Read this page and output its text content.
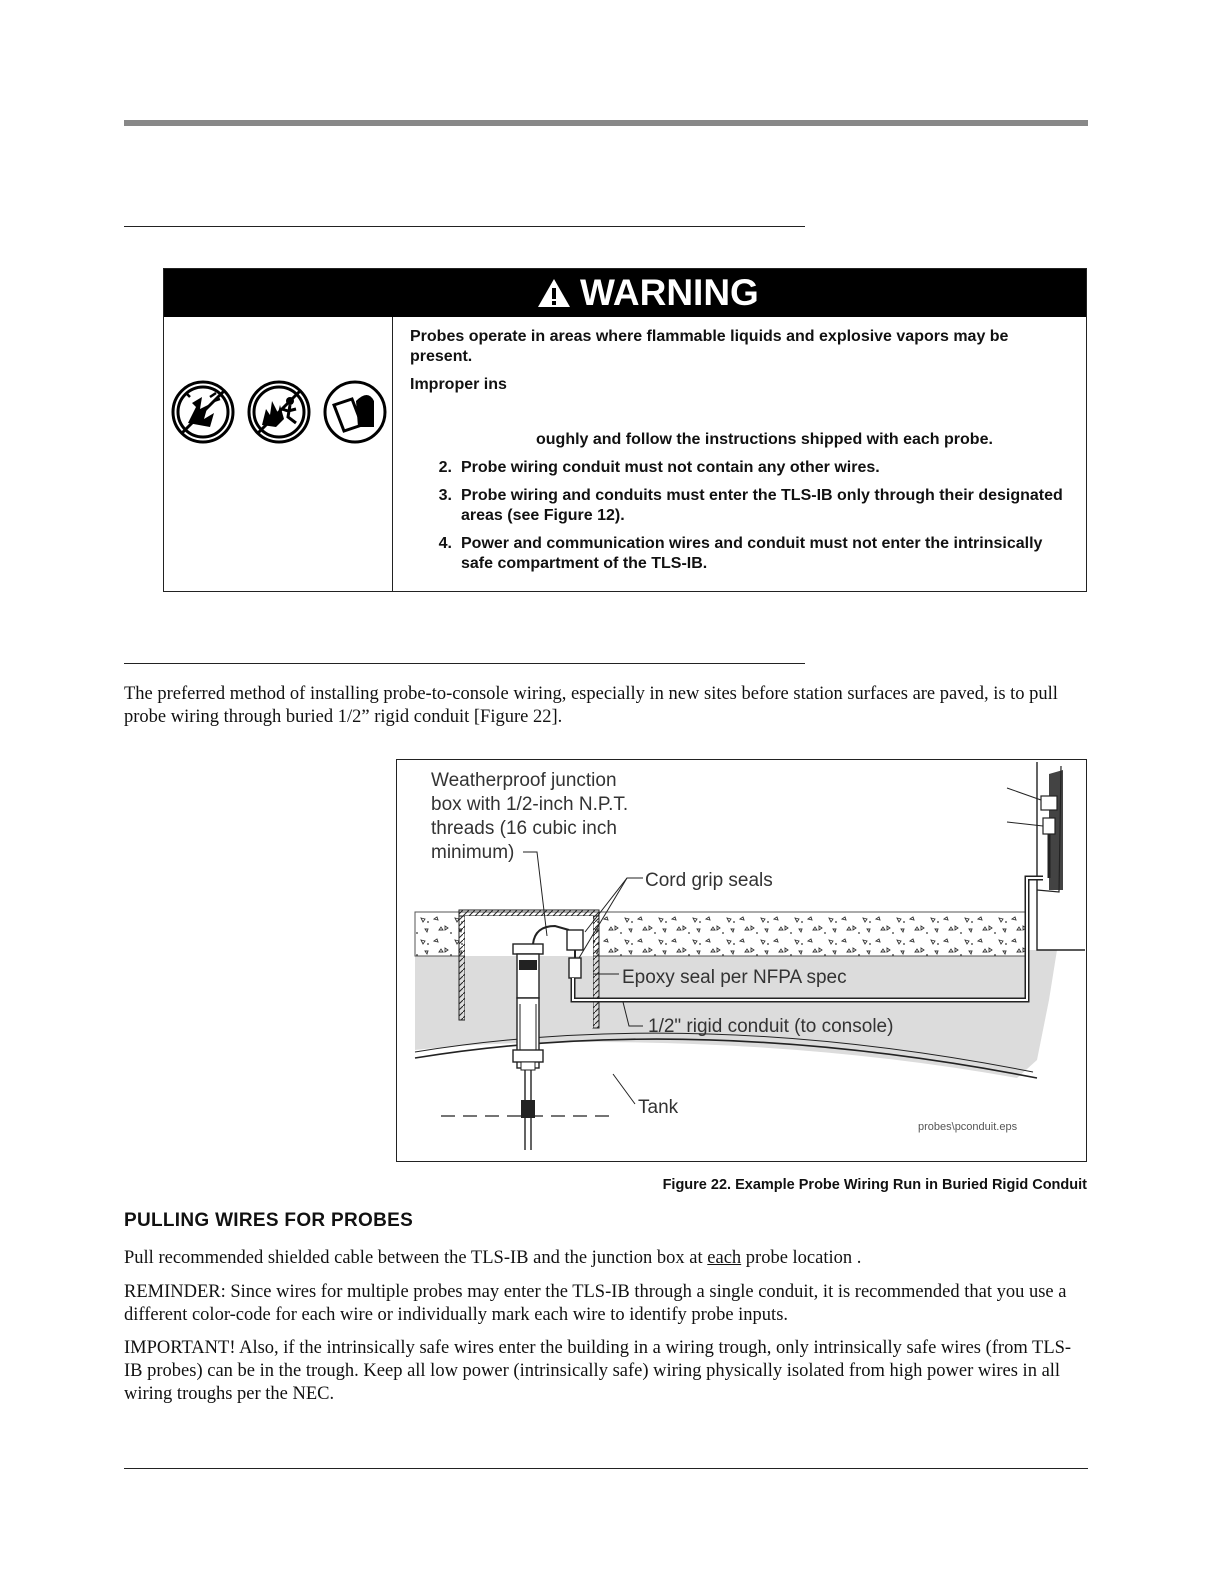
WARNING

Probes operate in areas where flammable liquids and explosive vapors may be present.

Improper ins

oughly and follow the instructions shipped with each probe.

2. Probe wiring conduit must not contain any other wires.
3. Probe wiring and conduits must enter the TLS-IB only through their designated areas (see Figure 12).
4. Power and communication wires and conduit must not enter the intrinsically safe compartment of the TLS-IB.

The preferred method of installing probe-to-console wiring, especially in new sites before station surfaces are paved, is to pull probe wiring through buried 1/2” rigid conduit [Figure 22].

Weatherproof junction
box with 1/2-inch N.P.T.
threads (16 cubic inch
minimum)
Cord grip seals
Epoxy seal per NFPA spec
1/2" rigid conduit (to console)
Tank
probes\pconduit.eps
Figure 22. Example Probe Wiring Run in Buried Rigid Conduit
PULLING WIRES FOR PROBES

Pull recommended shielded cable between the TLS-IB and the junction box at each probe location .

REMINDER: Since wires for multiple probes may enter the TLS-IB through a single conduit, it is recommended that you use a different color-code for each wire or individually mark each wire to identify probe inputs.

IMPORTANT! Also, if the intrinsically safe wires enter the building in a wiring trough, only intrinsically safe wires (from TLS-IB probes) can be in the trough. Keep all low power (intrinsically safe) wiring physically isolated from high power wires in all wiring troughs per the NEC.
